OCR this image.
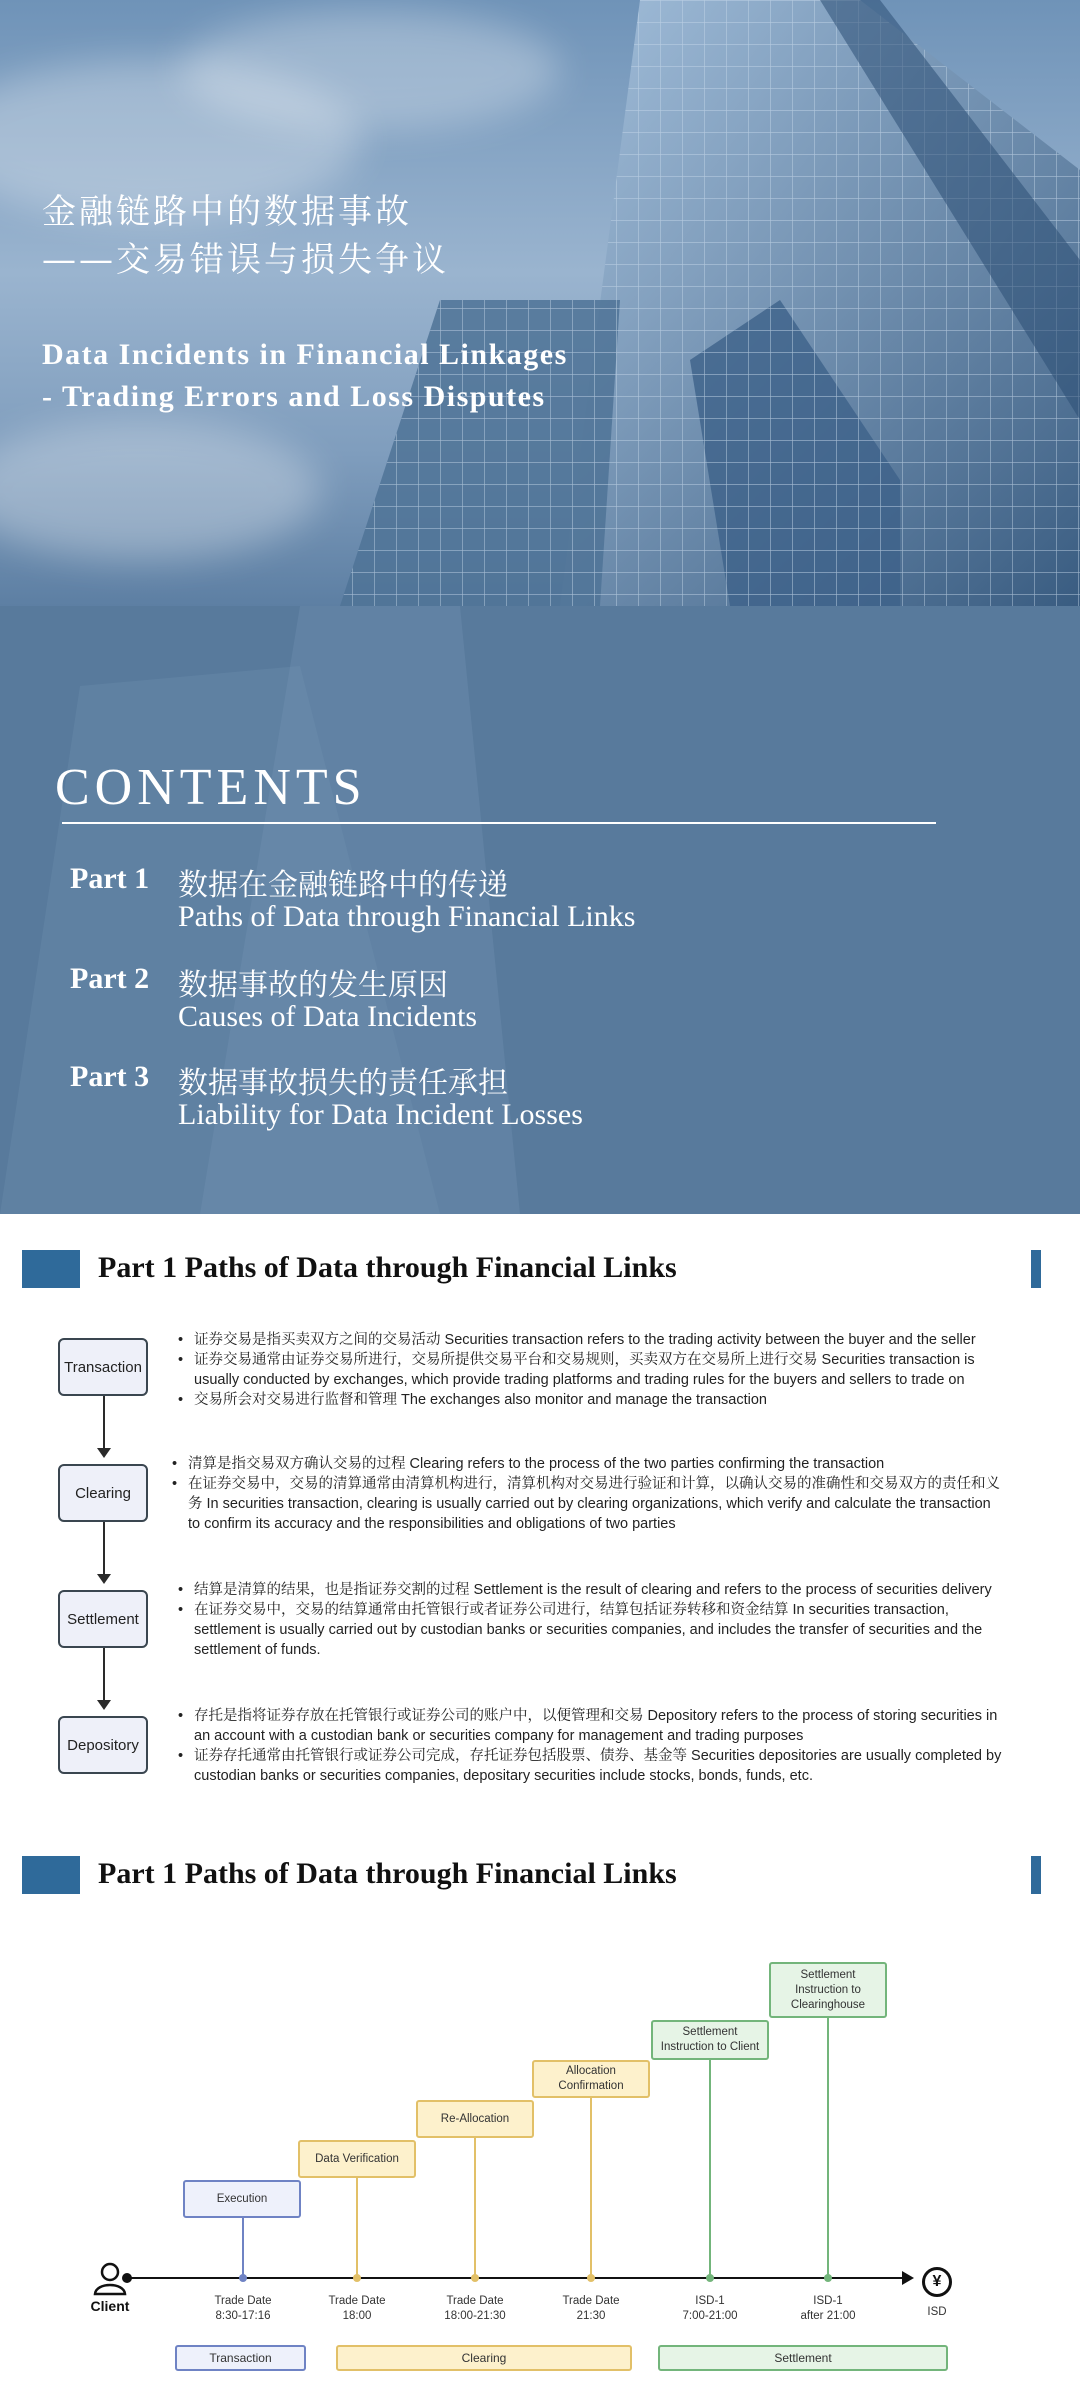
金融链路中的数据事故
——交易错误与损失争议
Data Incidents in Financial Linkages
- Trading Errors and Loss Disputes
CONTENTS
Part 1 数据在金融链路中的传递
Paths of Data through Financial Links
Part 2 数据事故的发生原因
Causes of Data Incidents
Part 3 数据事故损失的责任承担
Liability for Data Incident Losses
Part 1 Paths of Data through Financial Links
Transaction
Clearing
Settlement
Depository

• 证券交易是指买卖双方之间的交易活动 Securities transaction refers to the trading activity between the buyer and the seller

• 证券交易通常由证券交易所进行，交易所提供交易平台和交易规则，买卖双方在交易所上进行交易 Securities transaction is usually conducted by exchanges, which provide trading platforms and trading rules for the buyers and sellers to trade on

• 交易所会对交易进行监督和管理 The exchanges also monitor and manage the transaction

• 清算是指交易双方确认交易的过程 Clearing refers to the process of the two parties confirming the transaction

• 在证券交易中，交易的清算通常由清算机构进行，清算机构对交易进行验证和计算，以确认交易的准确性和交易双方的责任和义务 In securities transaction, clearing is usually carried out by clearing organizations, which verify and calculate the transaction to confirm its accuracy and the responsibilities and obligations of two parties

• 结算是清算的结果，也是指证券交割的过程 Settlement is the result of clearing and refers to the process of securities delivery

• 在证券交易中，交易的结算通常由托管银行或者证券公司进行，结算包括证券转移和资金结算 In securities transaction, settlement is usually carried out by custodian banks or securities companies, and includes the transfer of securities and the settlement of funds.

• 存托是指将证券存放在托管银行或证券公司的账户中，以便管理和交易 Depository refers to the process of storing securities in an account with a custodian bank or securities company for management and trading purposes

• 证券存托通常由托管银行或证券公司完成，存托证券包括股票、债券、基金等 Securities depositories are usually completed by custodian banks or securities companies, depositary securities include stocks, bonds, funds, etc.

Part 1 Paths of Data through Financial Links
Client
¥
ISD
Execution
Trade Date
8:30-17:16
Data Verification
Trade Date
18:00
Re-Allocation
Trade Date
18:00-21:30
Allocation
Confirmation
Trade Date
21:30
Settlement
Instruction to Client
ISD-1
7:00-21:00
Settlement
Instruction to
Clearinghouse
ISD-1
after 21:00
Transaction	Clearing	Settlement
